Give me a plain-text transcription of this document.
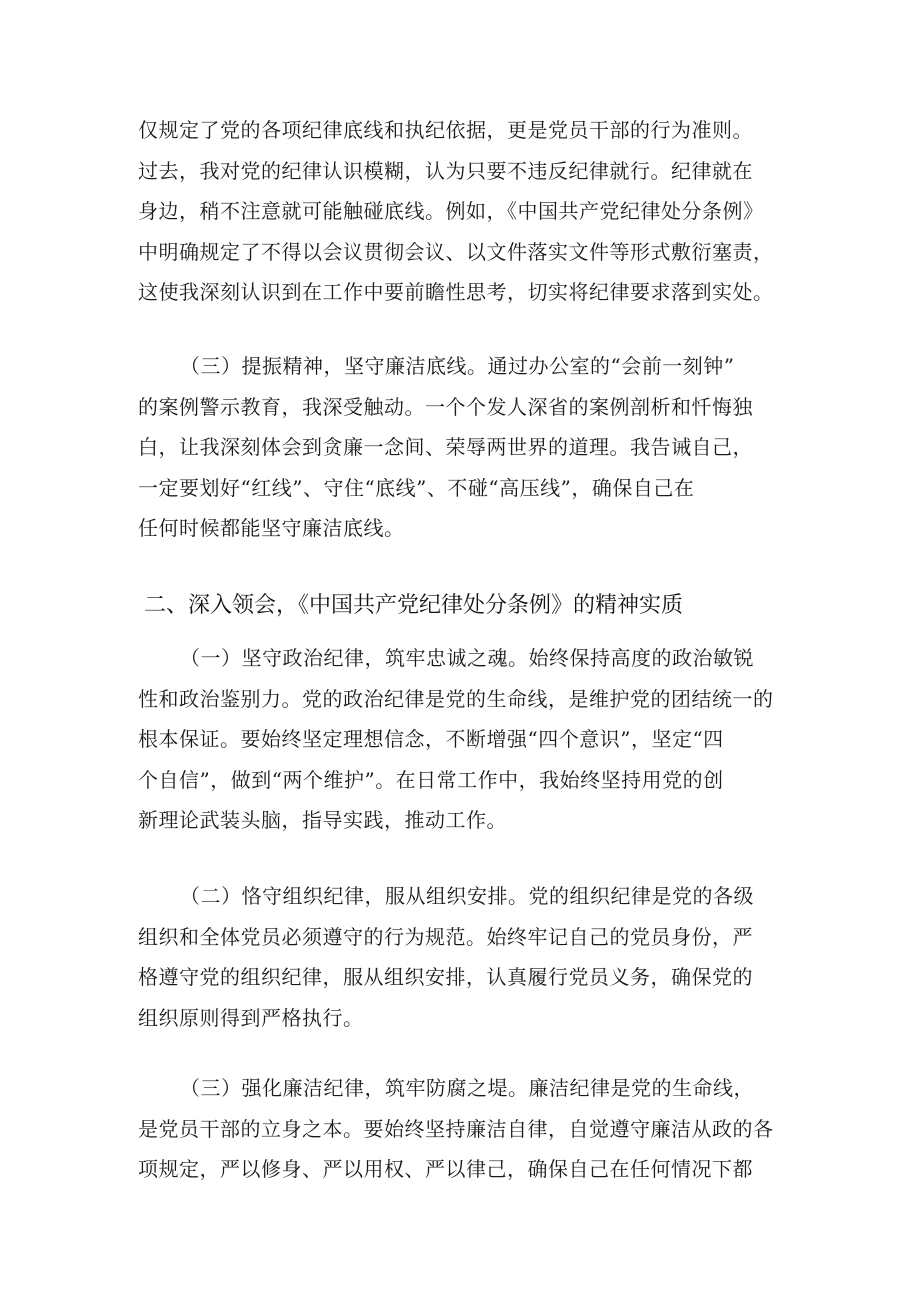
仅规定了党的各项纪律底线和执纪依据，更是党员干部的行为准则。
过去，我对党的纪律认识模糊，认为只要不违反纪律就行。纪律就在
身边，稍不注意就可能触碰底线。例如，《中国共产党纪律处分条例》
中明确规定了不得以会议贯彻会议、以文件落实文件等形式敷衍塞责，
这使我深刻认识到在工作中要前瞻性思考，切实将纪律要求落到实处。
（三）提振精神，坚守廉洁底线。通过办公室的“会前一刻钟”
的案例警示教育，我深受触动。一个个发人深省的案例剖析和忏悔独
白，让我深刻体会到贪廉一念间、荣辱两世界的道理。我告诫自己，
一定要划好“红线”、守住“底线”、不碰“高压线”，确保自己在
任何时候都能坚守廉洁底线。
二、深入领会，《中国共产党纪律处分条例》的精神实质
（一）坚守政治纪律，筑牢忠诚之魂。始终保持高度的政治敏锐
性和政治鉴别力。党的政治纪律是党的生命线，是维护党的团结统一的
根本保证。要始终坚定理想信念，不断增强“四个意识”，坚定“四
个自信”，做到“两个维护”。在日常工作中，我始终坚持用党的创
新理论武装头脑，指导实践，推动工作。
（二）恪守组织纪律，服从组织安排。党的组织纪律是党的各级
组织和全体党员必须遵守的行为规范。始终牢记自己的党员身份，严
格遵守党的组织纪律，服从组织安排，认真履行党员义务，确保党的
组织原则得到严格执行。
（三）强化廉洁纪律，筑牢防腐之堤。廉洁纪律是党的生命线，
是党员干部的立身之本。要始终坚持廉洁自律，自觉遵守廉洁从政的各
项规定，严以修身、严以用权、严以律己，确保自己在任何情况下都
